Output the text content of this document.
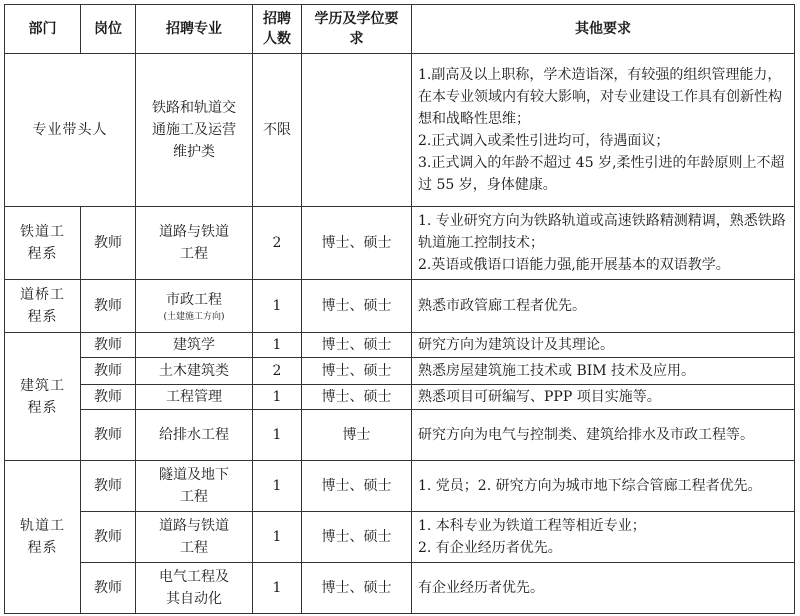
部门	岗位	招聘专业	招聘人数	学历及学位要求	其他要求
专业带头人		铁路和轨道交通施工及运营维护类	不限		1.副高及以上职称，学术造诣深，有较强的组织管理能力，在本专业领域内有较大影响，对专业建设工作具有创新性构想和战略性思维；
2.正式调入或柔性引进均可，待遇面议；
3.正式调入的年龄不超过 45 岁,柔性引进的年龄原则上不超过 55 岁，身体健康。

铁道工程系	教师	道路与铁道工程	2	博士、硕士	1. 专业研究方向为铁路轨道或高速铁路精测精调，熟悉铁路轨道施工控制技术；
2.英语或俄语口语能力强,能开展基本的双语教学。

道桥工程系	教师	市政工程
(土建施工方向)	1	博士、硕士	熟悉市政管廊工程者优先。

建筑工程系	教师	建筑学	1	博士、硕士	研究方向为建筑设计及其理论。

	教师	土木建筑类	2	博士、硕士	熟悉房屋建筑施工技术或 BIM 技术及应用。

	教师	工程管理	1	博士、硕士	熟悉项目可研编写、PPP 项目实施等。

	教师	给排水工程	1	博士	研究方向为电气与控制类、建筑给排水及市政工程等。

轨道工程系	教师	隧道及地下工程	1	博士、硕士	1. 党员；2. 研究方向为城市地下综合管廊工程者优先。

	教师	道路与铁道工程	1	博士、硕士	1. 本科专业为铁道工程等相近专业；
2. 有企业经历者优先。

	教师	电气工程及其自动化	1	博士、硕士	有企业经历者优先。
